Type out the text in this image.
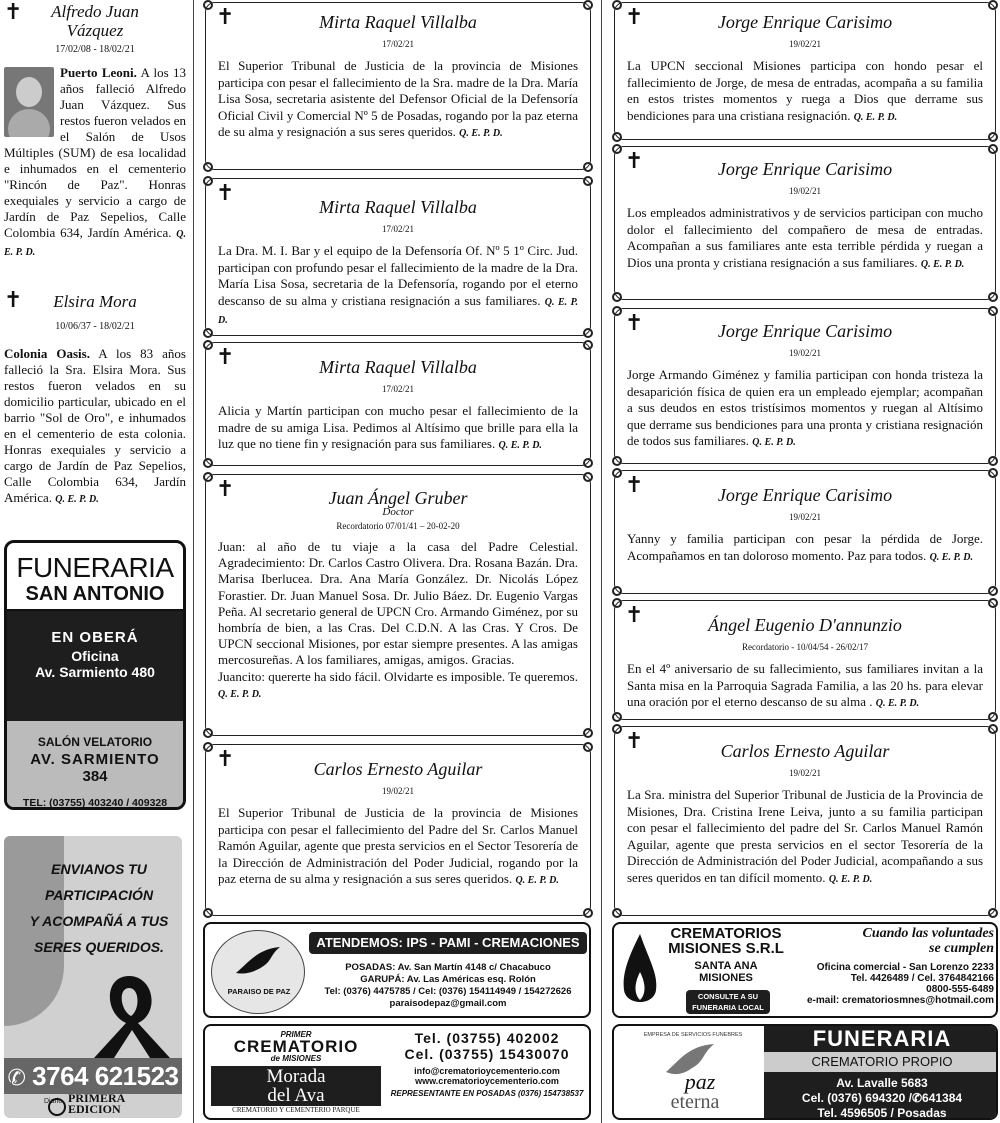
✝	Alfredo Juan
Vázquez
17/02/08 - 18/02/21
Puerto Leoni. A los 13 años falleció Alfredo Juan Vázquez. Sus restos fueron velados en el Salón de Usos Múltiples (SUM) de esa localidad e inhumados en el cementerio "Rincón de Paz". Honras exequiales y servicio a cargo de Jardín de Paz Sepelios, Calle Colombia 634, Jardín América. Q. E. P. D.
✝	Elsira Mora
10/06/37 - 18/02/21
Colonia Oasis. A los 83 años falleció la Sra. Elsira Mora. Sus restos fueron velados en su domicilio particular, ubicado en el barrio "Sol de Oro", e inhumados en el cementerio de esta colonia. Honras exequiales y servicio a cargo de Jardín de Paz Sepelios, Calle Colombia 634, Jardín América. Q. E. P. D.
FUNERARIA
SAN ANTONIO
EN OBERÁ
Oficina
Av. Sarmiento 480
SALÓN VELATORIO
AV. SARMIENTO
384
TEL: (03755) 403240 / 409328
ENVIANOS TU
PARTICIPACIÓN
Y ACOMPAÑÁ A TUS
SERES QUERIDOS.
✆ 3764 621523
Diario PRIMERA
EDICION
✝	Mirta Raquel Villalba
17/02/21

El Superior Tribunal de Justicia de la provincia de Misiones participa con pesar el fallecimiento de la Sra. madre de la Dra. María Lisa Sosa, secretaria asistente del Defensor Oficial de la Defensoría Oficial Civil y Comercial Nº 5 de Posadas, rogando por la paz eterna de su alma y resignación a sus seres queridos. Q. E. P. D.

✝
Mirta Raquel Villalba
17/02/21

La Dra. M. I. Bar y el equipo de la Defensoría Of. Nº 5 1º Circ. Jud. participan con profundo pesar el fallecimiento de la madre de la Dra. María Lisa Sosa, secretaria de la Defensoría, rogando por el eterno descanso de su alma y cristiana resignación a sus familiares. Q. E. P. D.

✝	Mirta Raquel Villalba
17/02/21

Alicia y Martín participan con mucho pesar el fallecimiento de la madre de su amiga Lisa. Pedimos al Altísimo que brille para ella la luz que no tiene fin y resignación para sus familiares. Q. E. P. D.

✝	Juan Ángel Gruber
Doctor
Recordatorio 07/01/41 – 20-02-20

Juan: al año de tu viaje a la casa del Padre Celestial. Agradecimiento: Dr. Carlos Castro Olivera. Dra. Rosana Bazán. Dra. Marisa Iberlucea. Dra. Ana María González. Dr. Nicolás López Forastier. Dr. Juan Manuel Sosa. Dr. Julio Báez. Dr. Eugenio Vargas Peña. Al secretario general de UPCN Cro. Armando Giménez, por su hombría de bien, a las Cras. Del C.D.N. A las Cras. Y Cros. De UPCN seccional Misiones, por estar siempre presentes. A las amigas mercosureñas. A los familiares, amigas, amigos. Gracias.

Juancito: quererte ha sido fácil. Olvidarte es imposible. Te queremos. Q. E. P. D.

✝	Carlos Ernesto Aguilar
19/02/21

El Superior Tribunal de Justicia de la provincia de Misiones participa con pesar el fallecimiento del Padre del Sr. Carlos Manuel Ramón Aguilar, agente que presta servicios en el Sector Tesorería de la Dirección de Administración del Poder Judicial, rogando por la paz eterna de su alma y resignación a sus seres queridos. Q. E. P. D.

✝	Jorge Enrique Carisimo
19/02/21

La UPCN seccional Misiones participa con hondo pesar el fallecimiento de Jorge, de mesa de entradas, acompaña a su familia en estos tristes momentos y ruega a Dios que derrame sus bendiciones para una cristiana resignación. Q. E. P. D.

✝	Jorge Enrique Carisimo
19/02/21

Los empleados administrativos y de servicios participan con mucho dolor el fallecimiento del compañero de mesa de entradas. Acompañan a sus familiares ante esta terrible pérdida y ruegan a Dios una pronta y cristiana resignación a sus familiares. Q. E. P. D.

✝	Jorge Enrique Carisimo
19/02/21

Jorge Armando Giménez y familia participan con honda tristeza la desaparición física de quien era un empleado ejemplar; acompañan a sus deudos en estos tristísimos momentos y ruegan al Altísimo que derrame sus bendiciones para una pronta y cristiana resignación de todos sus familiares. Q. E. P. D.

✝	Jorge Enrique Carisimo
19/02/21

Yanny y familia participan con pesar la pérdida de Jorge. Acompañamos en tan doloroso momento. Paz para todos. Q. E. P. D.

✝	Ángel Eugenio D'annunzio
Recordatorio - 10/04/54 - 26/02/17

En el 4º aniversario de su fallecimiento, sus familiares invitan a la Santa misa en la Parroquia Sagrada Familia, a las 20 hs. para elevar una oración por el eterno descanso de su alma . Q. E. P. D.

✝	Carlos Ernesto Aguilar
19/02/21

La Sra. ministra del Superior Tribunal de Justicia de la Provincia de Misiones, Dra. Cristina Irene Leiva, junto a su familia participan con pesar el fallecimiento del padre del Sr. Carlos Manuel Ramón Aguilar, agente que presta servicios en el sector Tesorería de la Dirección de Administración del Poder Judicial, acompañando a sus seres queridos en tan difícil momento. Q. E. P. D.

PARAISO DE PAZ
ATENDEMOS: IPS - PAMI - CREMACIONES
POSADAS: Av. San Martín 4148 c/ Chacabuco
GARUPÁ: Av. Las Américas esq. Rolón
Tel: (0376) 4475785 / Cel: (0376) 154114949 / 154272626
paraisodepaz@gmail.com
PRIMER
CREMATORIO
de MISIONES
Morada
del Ava
CREMATORIO Y CEMENTERIO PARQUE
Tel. (03755) 402002
Cel. (03755) 15430070
info@crematorioycementerio.com
www.crematorioycementerio.com
REPRESENTANTE EN POSADAS (0376) 154738537
CREMATORIOS
MISIONES S.R.L
SANTA ANA
MISIONES
CONSULTE A SU FUNERARIA LOCAL
Cuando las voluntades
se cumplen
Oficina comercial - San Lorenzo 2233
Tel. 4426489 / Cel. 3764842166
0800-555-6489
e-mail: crematoriosmnes@hotmail.com
EMPRESA DE SERVICIOS FUNEBRES
paz
eterna
FUNERARIA
CREMATORIO PROPIO
Av. Lavalle 5683
Cel. (0376) 694320 /✆641384
Tel. 4596505 / Posadas
